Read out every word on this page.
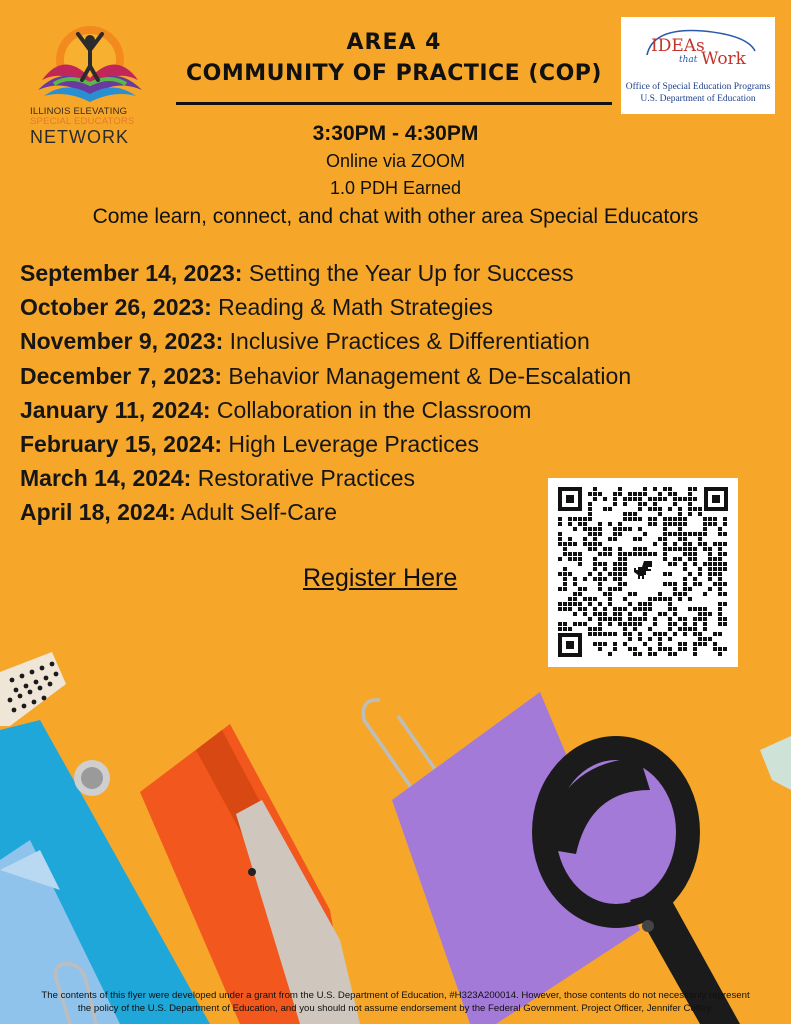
ILLINOIS ELEVATING
SPECIAL EDUCATORS
NETWORK
AREA 4
COMMUNITY OF PRACTICE (COP)
IDEAs
that Work
Office of Special Education Programs
U.S. Department of Education
3:30PM - 4:30PM
Online via ZOOM
1.0 PDH Earned
Come learn, connect, and chat with other area Special Educators
September 14, 2023: Setting the Year Up for Success
October 26, 2023: Reading & Math Strategies
November 9, 2023: Inclusive Practices & Differentiation
December 7, 2023: Behavior Management & De-Escalation
January 11, 2024: Collaboration in the Classroom
February 15, 2024: High Leverage Practices
March 14, 2024: Restorative Practices
April 18, 2024: Adult Self-Care
Register Here
The contents of this flyer were developed under a grant from the U.S. Department of Education, #H323A200014. However, those contents do not necessarily represent
the policy of the U.S. Department of Education, and you should not assume endorsement by the Federal Government. Project Officer, Jennifer Coffey.
